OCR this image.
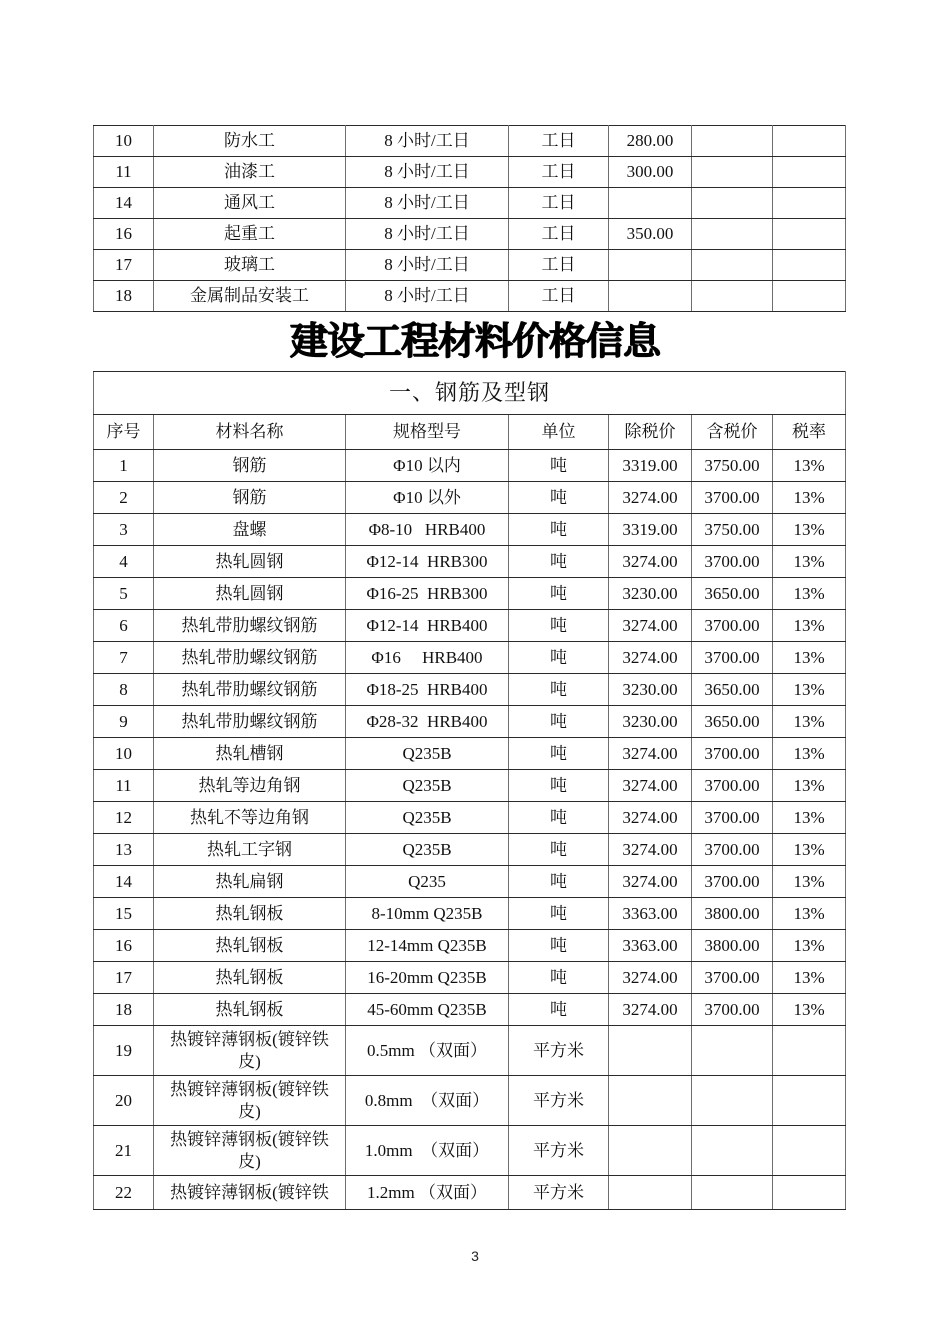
10	防水工	8 小时/工日	工日	280.00		
11	油漆工	8 小时/工日	工日	300.00		
14	通风工	8 小时/工日	工日			
16	起重工	8 小时/工日	工日	350.00		
17	玻璃工	8 小时/工日	工日			
18	金属制品安装工	8 小时/工日	工日			
建设工程材料价格信息
一、钢筋及型钢						
序号	材料名称	规格型号	单位	除税价	含税价	税率
1	钢筋	Φ10 以内	吨	3319.00	3750.00	13%
2	钢筋	Φ10 以外	吨	3274.00	3700.00	13%
3	盘螺	Φ8-10   HRB400	吨	3319.00	3750.00	13%
4	热轧圆钢	Φ12-14  HRB300	吨	3274.00	3700.00	13%
5	热轧圆钢	Φ16-25  HRB300	吨	3230.00	3650.00	13%
6	热轧带肋螺纹钢筋	Φ12-14  HRB400	吨	3274.00	3700.00	13%
7	热轧带肋螺纹钢筋	Φ16     HRB400	吨	3274.00	3700.00	13%
8	热轧带肋螺纹钢筋	Φ18-25  HRB400	吨	3230.00	3650.00	13%
9	热轧带肋螺纹钢筋	Φ28-32  HRB400	吨	3230.00	3650.00	13%
10	热轧槽钢	Q235B	吨	3274.00	3700.00	13%
11	热轧等边角钢	Q235B	吨	3274.00	3700.00	13%
12	热轧不等边角钢	Q235B	吨	3274.00	3700.00	13%
13	热轧工字钢	Q235B	吨	3274.00	3700.00	13%
14	热轧扁钢	Q235	吨	3274.00	3700.00	13%
15	热轧钢板	8-10mm Q235B	吨	3363.00	3800.00	13%
16	热轧钢板	12-14mm Q235B	吨	3363.00	3800.00	13%
17	热轧钢板	16-20mm Q235B	吨	3274.00	3700.00	13%
18	热轧钢板	45-60mm Q235B	吨	3274.00	3700.00	13%
19	热镀锌薄钢板(镀锌铁皮)	0.5mm （双面）	平方米			
20	热镀锌薄钢板(镀锌铁皮)	0.8mm  （双面）	平方米			
21	热镀锌薄钢板(镀锌铁皮)	1.0mm  （双面）	平方米			
22	热镀锌薄钢板(镀锌铁	1.2mm （双面）	平方米			
3
